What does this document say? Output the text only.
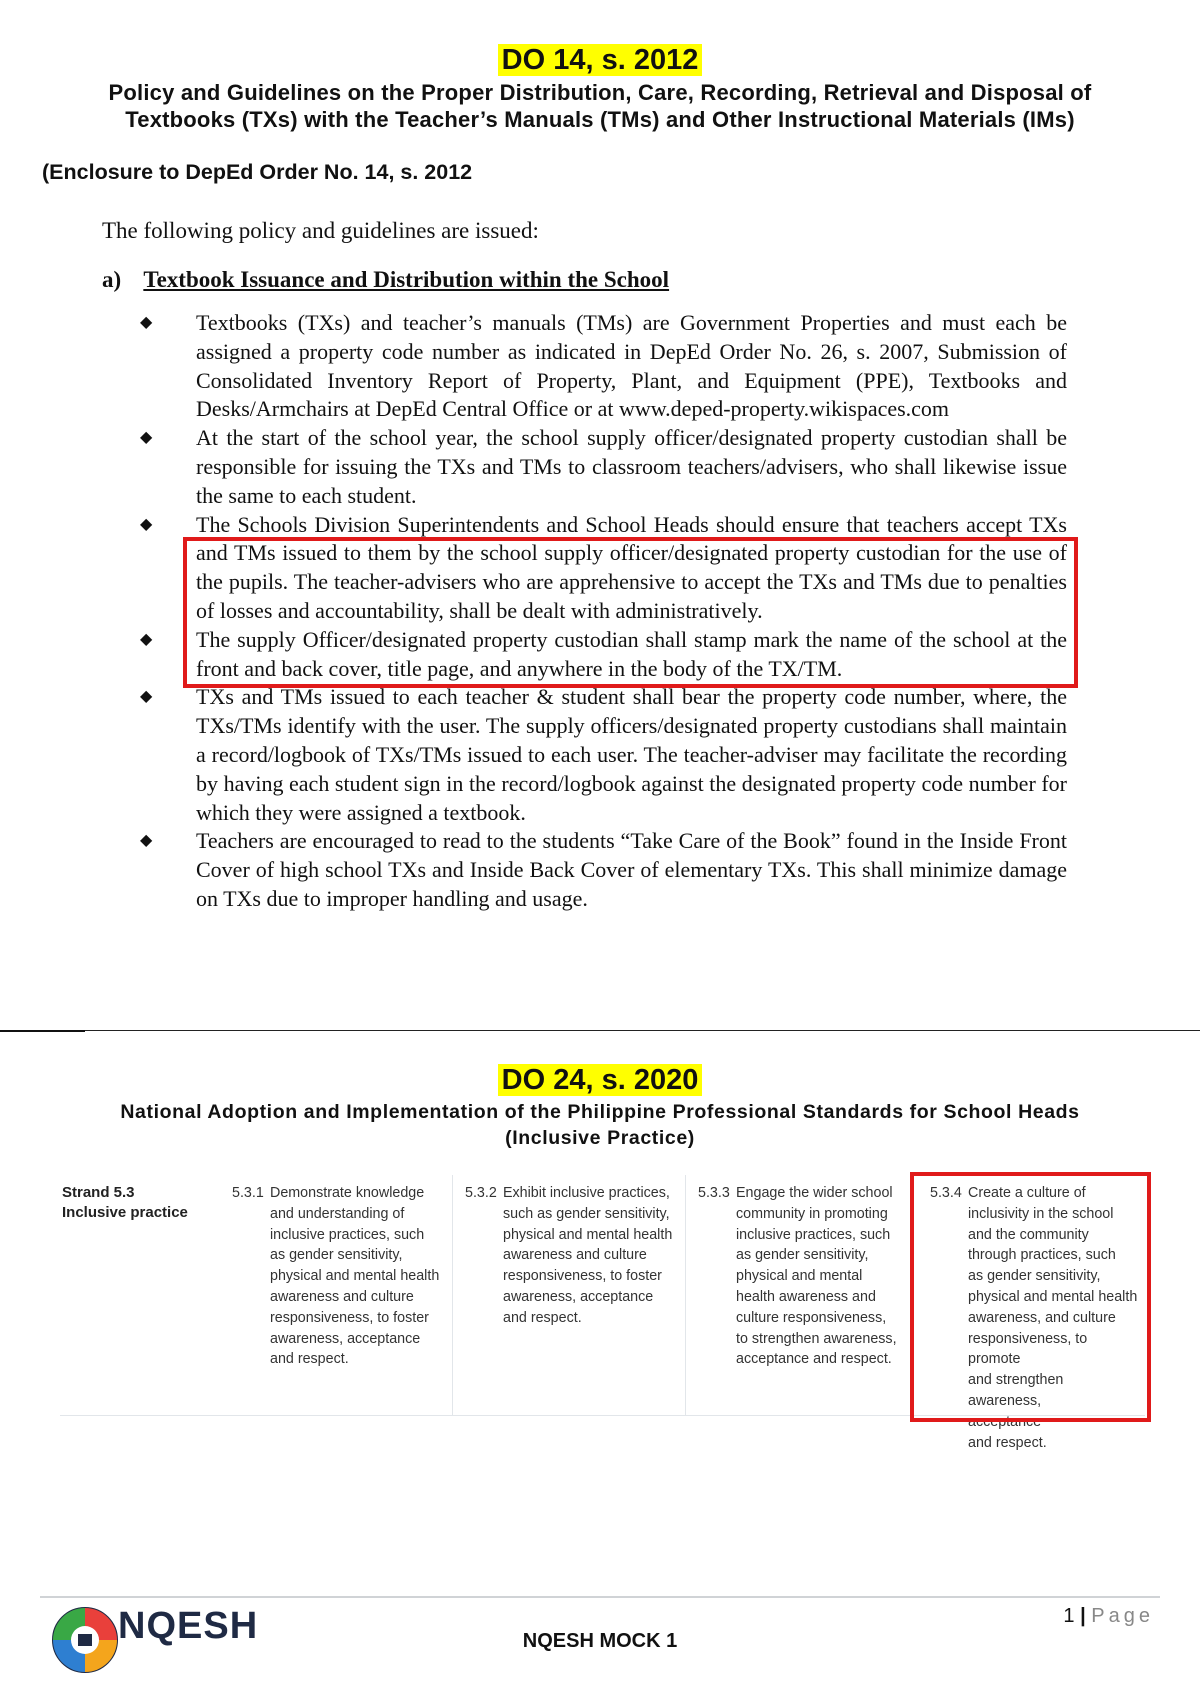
DO 14, s. 2012
Policy and Guidelines on the Proper Distribution, Care, Recording, Retrieval and Disposal of
Textbooks (TXs) with the Teacher’s Manuals (TMs) and Other Instructional Materials (IMs)
(Enclosure to DepEd Order No. 14, s. 2012
The following policy and guidelines are issued:
a) Textbook Issuance and Distribution within the School
◆ Textbooks (TXs) and teacher’s manuals (TMs) are Government Properties and must each be assigned a property code number as indicated in DepEd Order No. 26, s. 2007, Submission of Consolidated Inventory Report of Property, Plant, and Equipment (PPE), Textbooks and Desks/Armchairs at DepEd Central Office or at www.deped-property.wikispaces.com
◆ At the start of the school year, the school supply officer/designated property custodian shall be responsible for issuing the TXs and TMs to classroom teachers/advisers, who shall likewise issue the same to each student.
◆ The Schools Division Superintendents and School Heads should ensure that teachers accept TXs and TMs issued to them by the school supply officer/designated property custodian for the use of the pupils. The teacher-advisers who are apprehensive to accept the TXs and TMs due to penalties of losses and accountability, shall be dealt with administratively.
◆ The supply Officer/designated property custodian shall stamp mark the name of the school at the front and back cover, title page, and anywhere in the body of the TX/TM.
◆ TXs and TMs issued to each teacher & student shall bear the property code number, where, the TXs/TMs identify with the user. The supply officers/designated property custodians shall maintain a record/logbook of TXs/TMs issued to each user. The teacher-adviser may facilitate the recording by having each student sign in the record/logbook against the designated property code number for which they were assigned a textbook.
◆ Teachers are encouraged to read to the students “Take Care of the Book” found in the Inside Front Cover of high school TXs and Inside Back Cover of elementary TXs. This shall minimize damage on TXs due to improper handling and usage.
DO 24, s. 2020
National Adoption and Implementation of the Philippine Professional Standards for School Heads
(Inclusive Practice)
Strand 5.3
Inclusive practice
5.3.1 Demonstrate knowledge
and understanding of
inclusive practices, such
as gender sensitivity,
physical and mental health
awareness and culture
responsiveness, to foster
awareness, acceptance
and respect.
5.3.2 Exhibit inclusive practices,
such as gender sensitivity,
physical and mental health
awareness and culture
responsiveness, to foster
awareness, acceptance
and respect.
5.3.3 Engage the wider school
community in promoting
inclusive practices, such
as gender sensitivity,
physical and mental
health awareness and
culture responsiveness,
to strengthen awareness,
acceptance and respect.
5.3.4 Create a culture of
inclusivity in the school
and the community
through practices, such
as gender sensitivity,
physical and mental health
awareness, and culture
responsiveness, to promote
and strengthen awareness,
acceptance
and respect.
NQESH	1 | Page
NQESH MOCK 1
